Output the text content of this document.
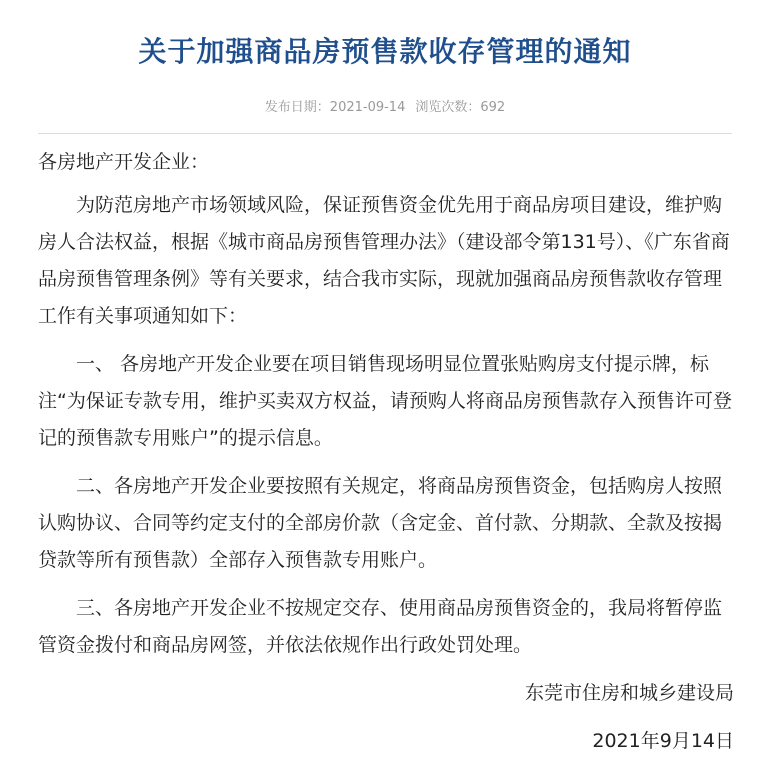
关于加强商品房预售款收存管理的通知
发布日期：2021-09-14 浏览次数：692

各房地产开发企业：

为防范房地产市场领域风险，保证预售资金优先用于商品房项目建设，维护购房人合法权益，根据《城市商品房预售管理办法》（建设部令第131号）、《广东省商品房预售管理条例》等有关要求，结合我市实际，现就加强商品房预售款收存管理工作有关事项通知如下：

一、 各房地产开发企业要在项目销售现场明显位置张贴购房支付提示牌，标注“为保证专款专用，维护买卖双方权益，请预购人将商品房预售款存入预售许可登记的预售款专用账户”的提示信息。

二、各房地产开发企业要按照有关规定，将商品房预售资金，包括购房人按照认购协议、合同等约定支付的全部房价款（含定金、首付款、分期款、全款及按揭贷款等所有预售款）全部存入预售款专用账户。

三、各房地产开发企业不按规定交存、使用商品房预售资金的，我局将暂停监管资金拨付和商品房网签，并依法依规作出行政处罚处理。

东莞市住房和城乡建设局

2021年9月14日
